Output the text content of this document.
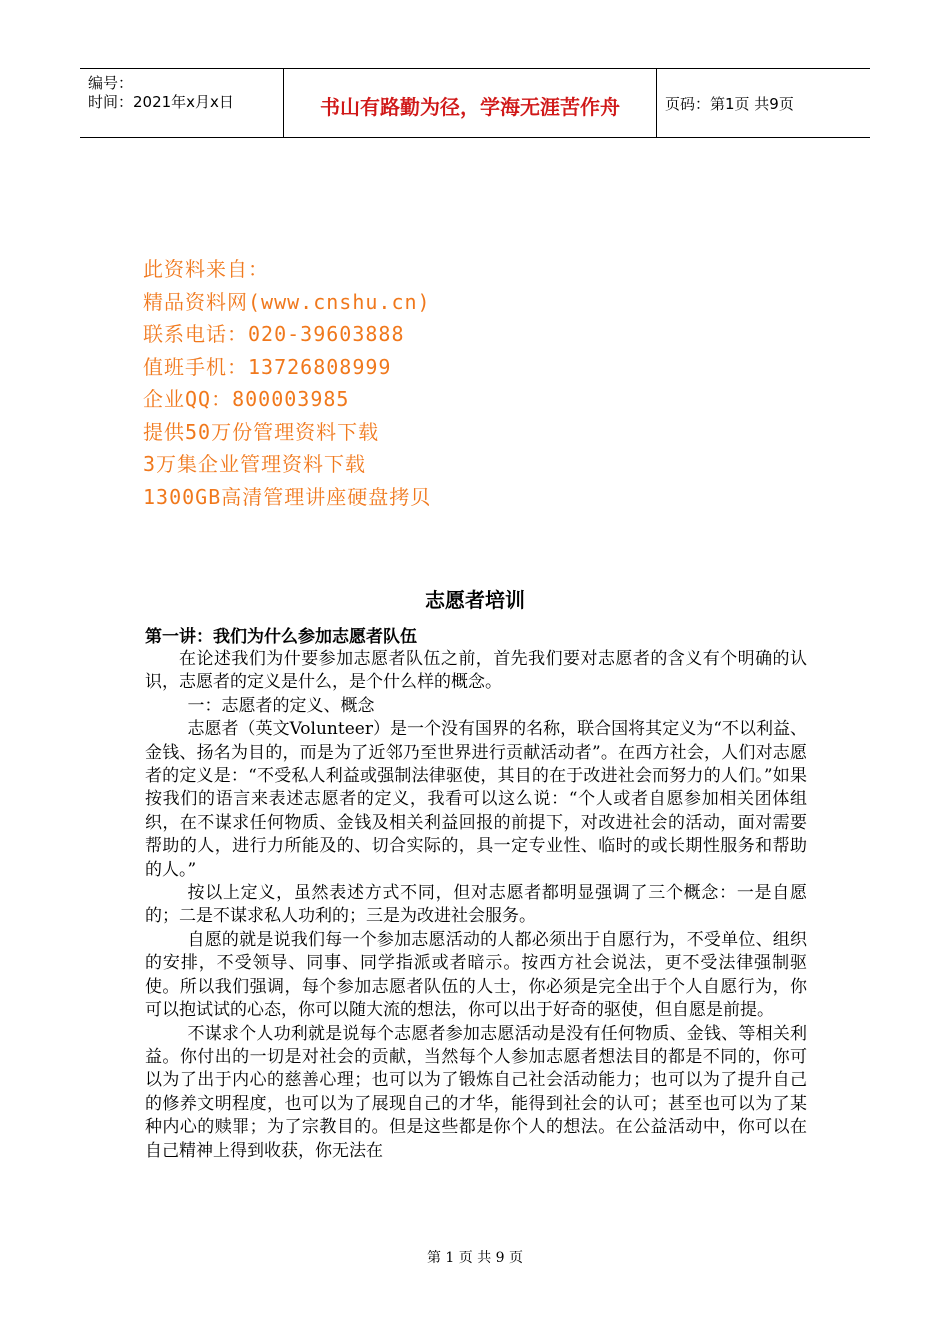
编号：
时间：2021年x月x日	书山有路勤为径，学海无涯苦作舟	页码：第1页 共9页
此资料来自：
精品资料网(www.cnshu.cn)
联系电话：020-39603888
值班手机：13726808999
企业QQ：800003985
提供50万份管理资料下载
3万集企业管理资料下载
1300GB高清管理讲座硬盘拷贝
志愿者培训
第一讲：我们为什么参加志愿者队伍

在论述我们为什要参加志愿者队伍之前，首先我们要对志愿者的含义有个明确的认识，志愿者的定义是什么，是个什么样的概念。

一：志愿者的定义、概念

志愿者（英文Volunteer）是一个没有国界的名称，联合国将其定义为“不以利益、金钱、扬名为目的，而是为了近邻乃至世界进行贡献活动者”。在西方社会，人们对志愿者的定义是：“不受私人利益或强制法律驱使，其目的在于改进社会而努力的人们。”如果按我们的语言来表述志愿者的定义，我看可以这么说：“个人或者自愿参加相关团体组织，在不谋求任何物质、金钱及相关利益回报的前提下，对改进社会的活动，面对需要帮助的人，进行力所能及的、切合实际的，具一定专业性、临时的或长期性服务和帮助的人。”

按以上定义，虽然表述方式不同，但对志愿者都明显强调了三个概念：一是自愿的；二是不谋求私人功利的；三是为改进社会服务。

自愿的就是说我们每一个参加志愿活动的人都必须出于自愿行为，不受单位、组织的安排，不受领导、同事、同学指派或者暗示。按西方社会说法，更不受法律强制驱使。所以我们强调，每个参加志愿者队伍的人士，你必须是完全出于个人自愿行为，你可以抱试试的心态，你可以随大流的想法，你可以出于好奇的驱使，但自愿是前提。

不谋求个人功利就是说每个志愿者参加志愿活动是没有任何物质、金钱、等相关利益。你付出的一切是对社会的贡献，当然每个人参加志愿者想法目的都是不同的，你可以为了出于内心的慈善心理；也可以为了锻炼自己社会活动能力；也可以为了提升自己的修养文明程度，也可以为了展现自己的才华，能得到社会的认可；甚至也可以为了某种内心的赎罪；为了宗教目的。但是这些都是你个人的想法。在公益活动中，你可以在自己精神上得到收获，你无法在

第 1 页 共 9 页
